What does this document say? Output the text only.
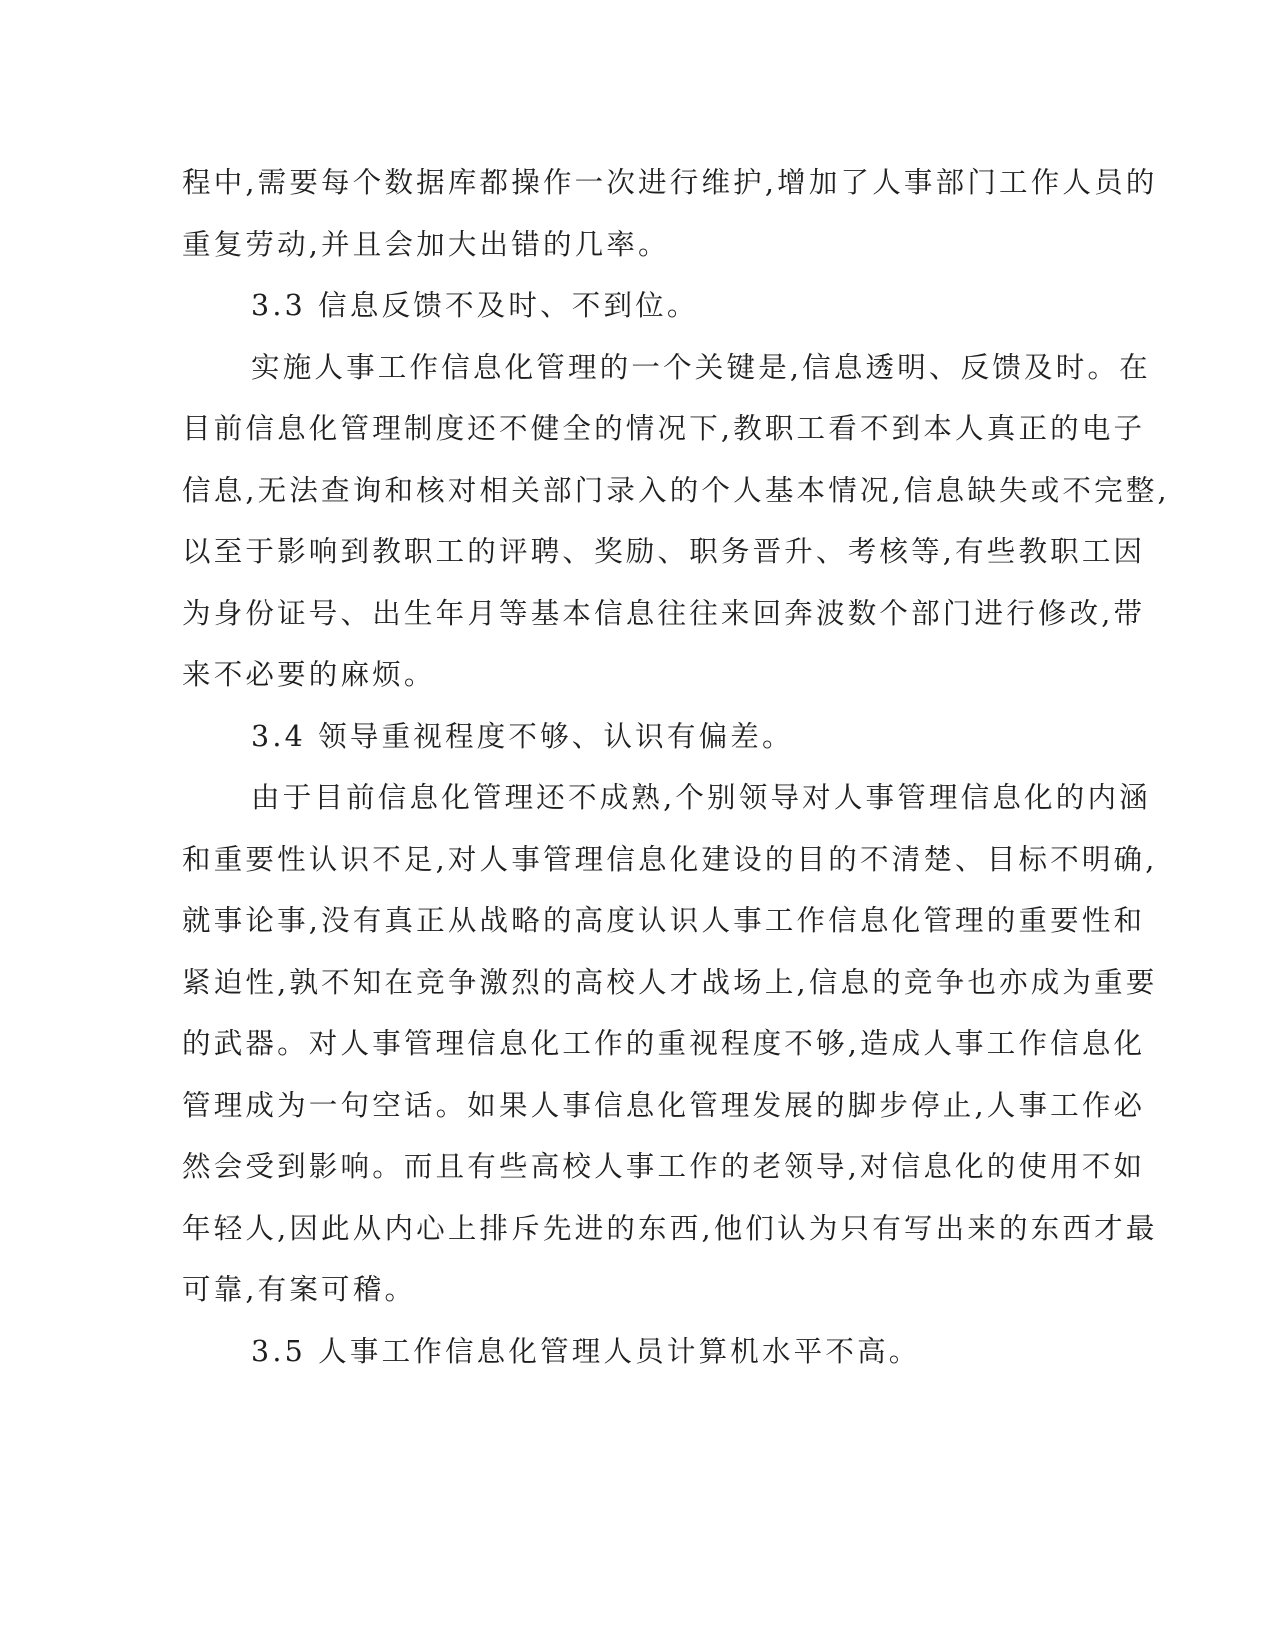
程中,需要每个数据库都操作一次进行维护,增加了人事部门工作人员的
重复劳动,并且会加大出错的几率。
3.3 信息反馈不及时、不到位。
实施人事工作信息化管理的一个关键是,信息透明、反馈及时。在
目前信息化管理制度还不健全的情况下,教职工看不到本人真正的电子
信息,无法查询和核对相关部门录入的个人基本情况,信息缺失或不完整,
以至于影响到教职工的评聘、奖励、职务晋升、考核等,有些教职工因
为身份证号、出生年月等基本信息往往来回奔波数个部门进行修改,带
来不必要的麻烦。
3.4 领导重视程度不够、认识有偏差。
由于目前信息化管理还不成熟,个别领导对人事管理信息化的内涵
和重要性认识不足,对人事管理信息化建设的目的不清楚、目标不明确,
就事论事,没有真正从战略的高度认识人事工作信息化管理的重要性和
紧迫性,孰不知在竞争激烈的高校人才战场上,信息的竞争也亦成为重要
的武器。对人事管理信息化工作的重视程度不够,造成人事工作信息化
管理成为一句空话。如果人事信息化管理发展的脚步停止,人事工作必
然会受到影响。而且有些高校人事工作的老领导,对信息化的使用不如
年轻人,因此从内心上排斥先进的东西,他们认为只有写出来的东西才最
可靠,有案可稽。
3.5 人事工作信息化管理人员计算机水平不高。
